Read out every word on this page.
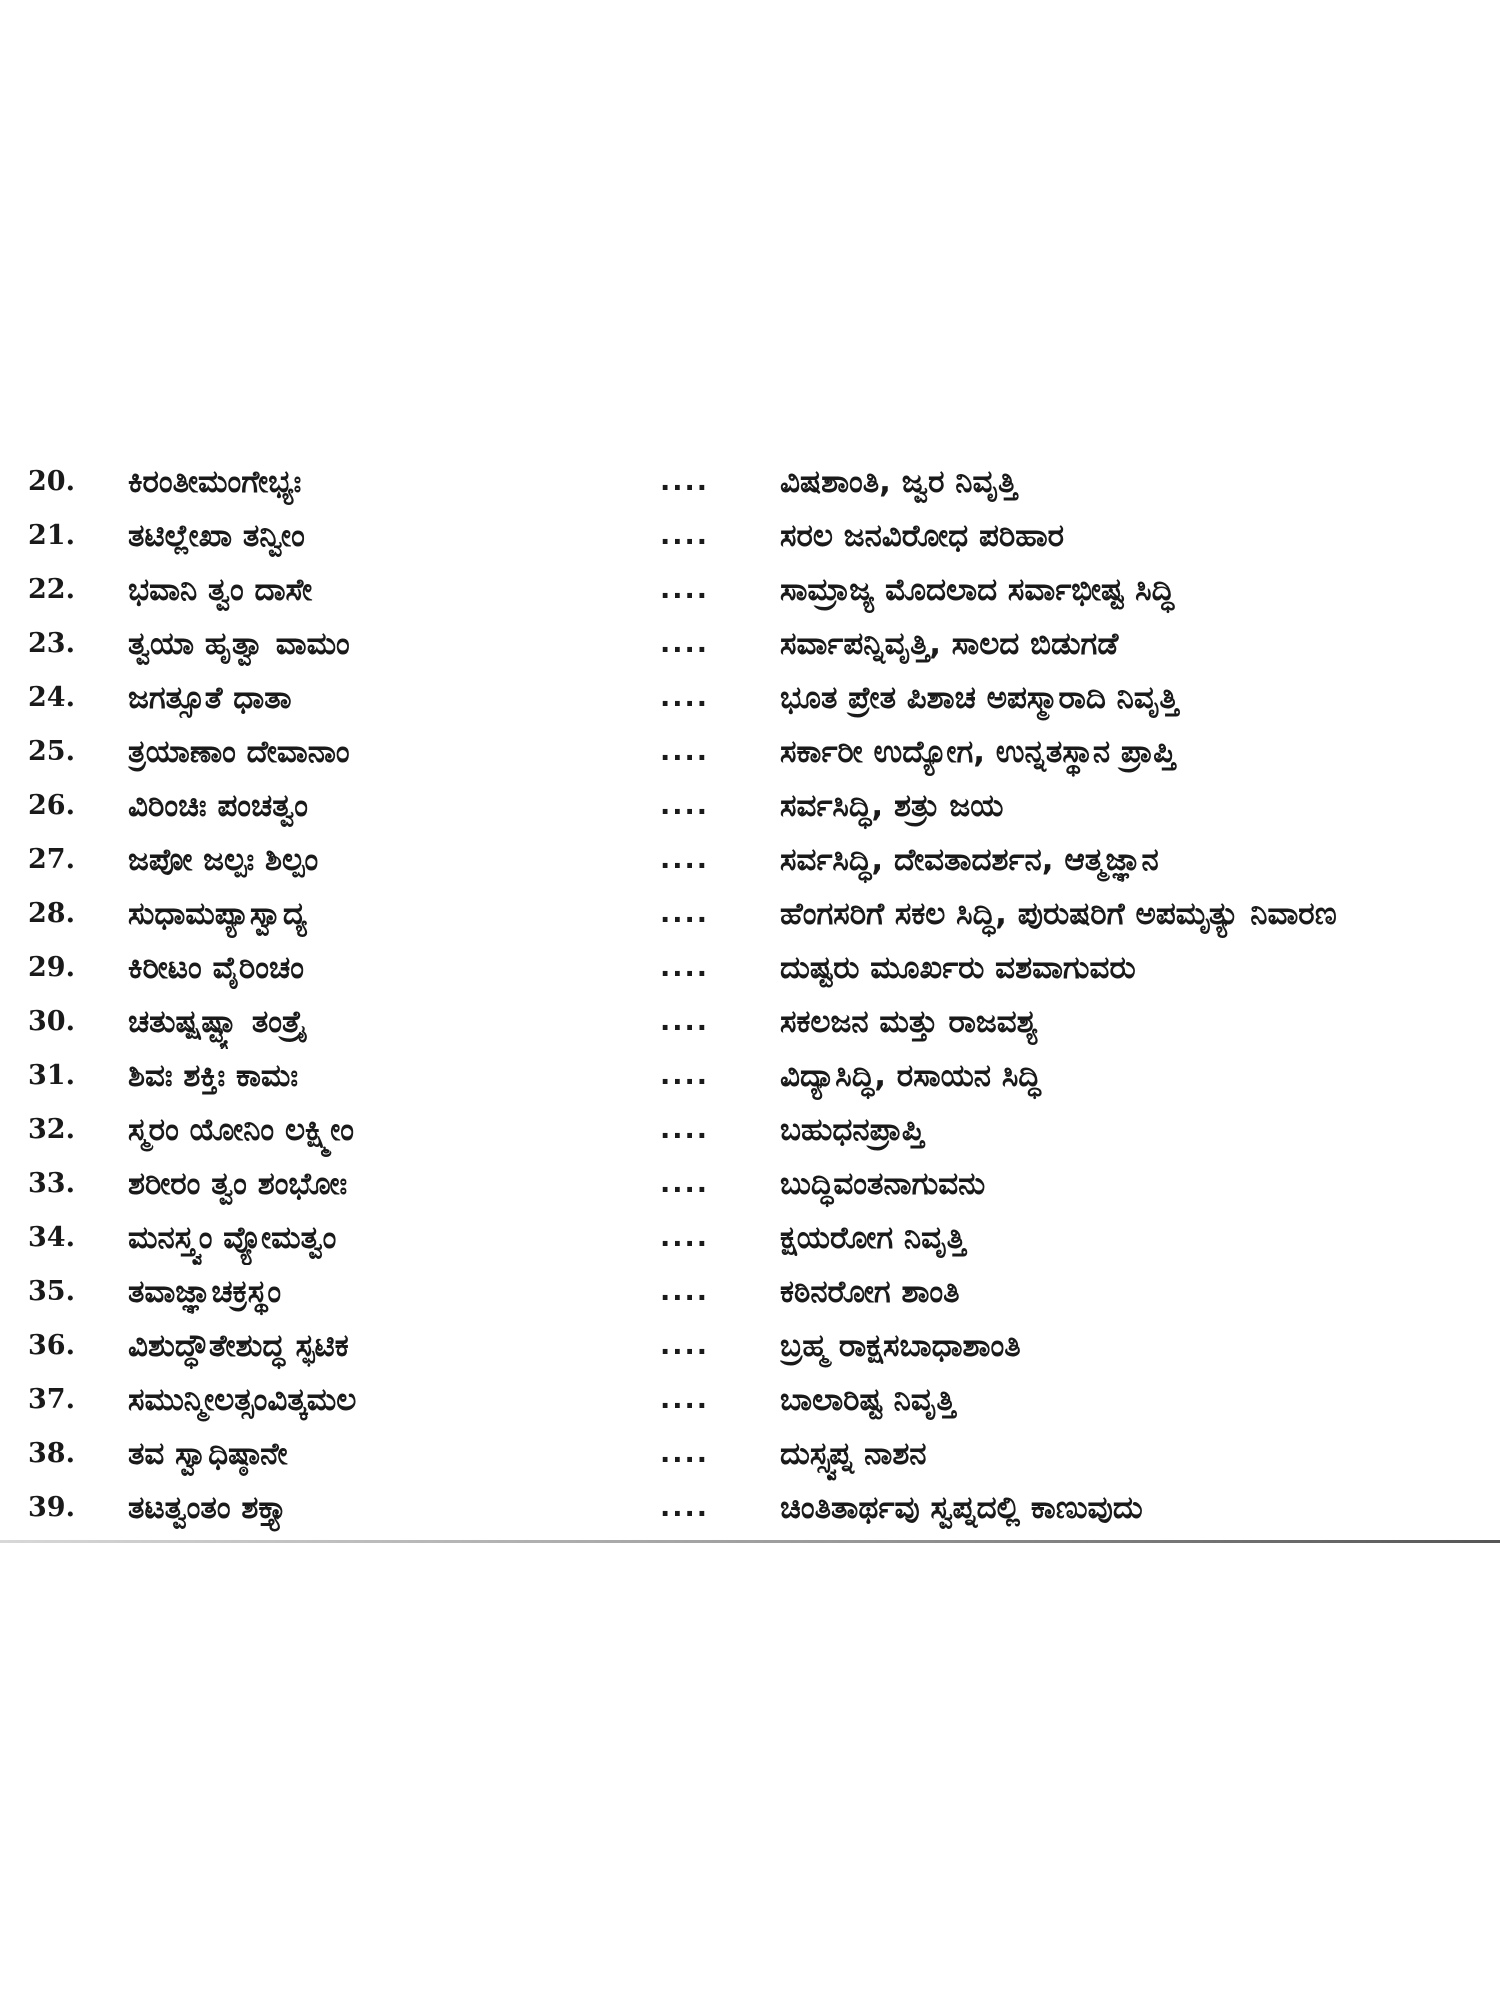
20.	ಕಿರಂತೀಮಂಗೇಭ್ಯಃ	....	ವಿಷಶಾಂತಿ, ಜ್ವರ ನಿವೃತ್ತಿ
21.	ತಟಿಲ್ಲೇಖಾ ತನ್ವೀಂ	....	ಸರಲ ಜನವಿರೋಧ ಪರಿಹಾರ
22.	ಭವಾನಿ ತ್ವಂ ದಾಸೇ	....	ಸಾಮ್ರಾಜ್ಯ ಮೊದಲಾದ ಸರ್ವಾಭೀಷ್ಟ ಸಿದ್ಧಿ
23.	ತ್ವಯಾ ಹೃತ್ವಾ ವಾಮಂ	....	ಸರ್ವಾಪನ್ನಿವೃತ್ತಿ, ಸಾಲದ ಬಿಡುಗಡೆ
24.	ಜಗತ್ಸೂತೆ ಧಾತಾ	....	ಭೂತ ಪ್ರೇತ ಪಿಶಾಚ ಅಪಸ್ಮಾರಾದಿ ನಿವೃತ್ತಿ
25.	ತ್ರಯಾಣಾಂ ದೇವಾನಾಂ	....	ಸರ್ಕಾರೀ ಉದ್ಯೋಗ, ಉನ್ನತಸ್ಥಾನ ಪ್ರಾಪ್ತಿ
26.	ವಿರಿಂಚಿಃ ಪಂಚತ್ವಂ	....	ಸರ್ವಸಿದ್ಧಿ, ಶತ್ರು ಜಯ
27.	ಜಪೋ ಜಲ್ಪಃ ಶಿಲ್ಪಂ	....	ಸರ್ವಸಿದ್ಧಿ, ದೇವತಾದರ್ಶನ, ಆತ್ಮಜ್ಞಾನ
28.	ಸುಧಾಮಪ್ಯಾಸ್ವಾದ್ಯ	....	ಹೆಂಗಸರಿಗೆ ಸಕಲ ಸಿದ್ಧಿ, ಪುರುಷರಿಗೆ ಅಪಮೃತ್ಯು ನಿವಾರಣ
29.	ಕಿರೀಟಂ ವೈರಿಂಚಂ	....	ದುಷ್ಟರು ಮೂರ್ಖರು ವಶವಾಗುವರು
30.	ಚತುಷ್ಷಷ್ಟ್ಯಾ ತಂತ್ರೈ	....	ಸಕಲಜನ ಮತ್ತು ರಾಜವಶ್ಯ
31.	ಶಿವಃ ಶಕ್ತಿಃ ಕಾಮಃ	....	ವಿದ್ಯಾಸಿದ್ಧಿ, ರಸಾಯನ ಸಿದ್ಧಿ
32.	ಸ್ಮರಂ ಯೋನಿಂ ಲಕ್ಷ್ಮೀಂ	....	ಬಹುಧನಪ್ರಾಪ್ತಿ
33.	ಶರೀರಂ ತ್ವಂ ಶಂಭೋಃ	....	ಬುದ್ಧಿವಂತನಾಗುವನು
34.	ಮನಸ್ತ್ವಂ ವ್ಯೋಮತ್ವಂ	....	ಕ್ಷಯರೋಗ ನಿವೃತ್ತಿ
35.	ತವಾಜ್ಞಾಚಕ್ರಸ್ಥಂ	....	ಕಠಿನರೋಗ ಶಾಂತಿ
36.	ವಿಶುದ್ಧೌತೇಶುದ್ಧ ಸ್ಫಟಿಕ	....	ಬ್ರಹ್ಮ ರಾಕ್ಷಸಬಾಧಾಶಾಂತಿ
37.	ಸಮುನ್ಮೀಲತ್ಸಂವಿತ್ಕಮಲ	....	ಬಾಲಾರಿಷ್ಟ ನಿವೃತ್ತಿ
38.	ತವ ಸ್ವಾಧಿಷ್ಠಾನೇ	....	ದುಸ್ಸ್ವಪ್ನ ನಾಶನ
39.	ತಟತ್ವಂತಂ ಶಕ್ತ್ಯಾ	....	ಚಿಂತಿತಾರ್ಥವು ಸ್ವಪ್ನದಲ್ಲಿ ಕಾಣುವುದು
